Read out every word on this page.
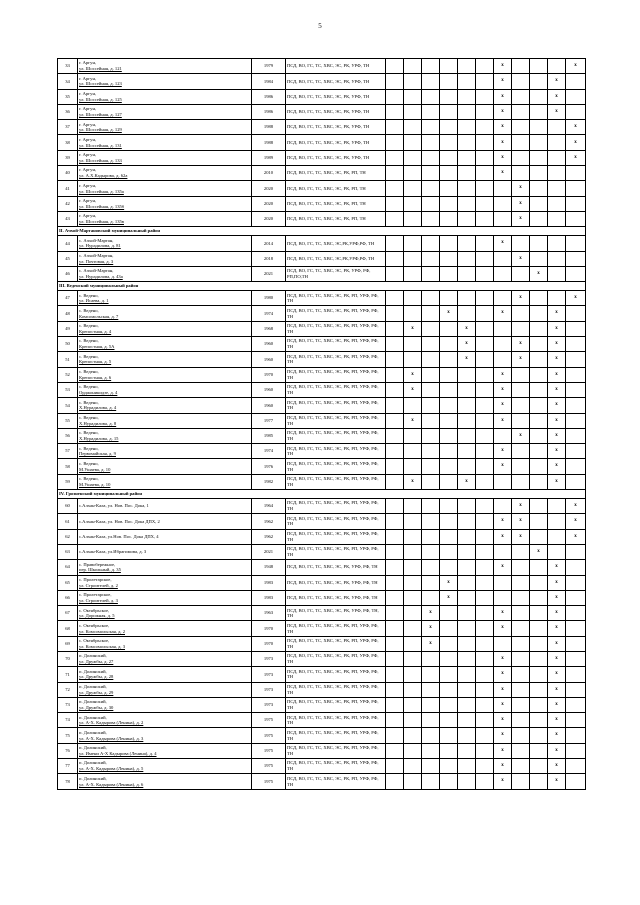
5
33	г. Аргун,
ул. Шоссейная, д. 121	1979	ПСД, ВО, ГС, ТС, ХВС, ЭС, РК, УРФ, ТН							x				x
34	г. Аргун,
ул. Шоссейная, д. 123	1984	ПСД, ВО, ГС, ТС, ХВС, ЭС, РК, УРФ, ТН							x			x	
35	г. Аргун,
ул. Шоссейная, д. 125	1986	ПСД, ВО, ГС, ТС, ХВС, ЭС, РК, УРФ, ТН							x			x	
36	г. Аргун,
ул. Шоссейная, д. 127	1986	ПСД, ВО, ГС, ТС, ХВС, ЭС, РК, УРФ, ТН							x			x	
37	г. Аргун,
ул. Шоссейная, д. 129	1988	ПСД, ВО, ГС, ТС, ХВС, ЭС, РК, УРФ, ТН							x				x
38	г. Аргун,
ул. Шоссейная, д. 131	1988	ПСД, ВО, ГС, ТС, ХВС, ЭС, РК, УРФ, ТН							x				x
39	г. Аргун,
ул. Шоссейная, д. 133	1989	ПСД, ВО, ГС, ТС, ХВС, ЭС, РК, УРФ, ТН							x				x
40	г. Аргун,
ул. А.Х.Кадырова, д. 62а	2010	ПСД, ВО, ГС, ТС, ХВС, ЭС, РК, РП, ТН							x				
41	г. Аргун,
ул. Шоссейная, д. 135а	2020	ПСД, ВО, ГС, ТС, ХВС, ЭС, РК, РП, ТН								x			
42	г. Аргун,
ул. Шоссейная, д. 135б	2020	ПСД, ВО, ГС, ТС, ХВС, ЭС, РК, РП, ТН								x			
43	г. Аргун,
ул. Шоссейная, д. 135в	2020	ПСД, ВО, ГС, ТС, ХВС, ЭС, РК, РП, ТН								x			
II. Ачхой-Мартановский муниципальный район														
44	с. Ачхой-Мартан,
ул. Нурадилова, д. 81	2014	ПСД, ВО, ГС, ТС, ХВС, ЭС,РК,УРФ,РФ, ТН							x				
45	с. Ачхой-Мартан,
ул. Почтовая, д. 3	2018	ПСД, ВО, ГС, ТС, ХВС, ЭС,РК,УРФ,РФ, ТН								x			
46	с. Ачхой-Мартан,
ул. Нурадилова, д. 43а	2021	ПСД, ВО, ГС, ТС, ХВС, ЭС, РК, УРФ, РФ, РП,ПО,ТН									x		
III. Веденский муниципальный район														
47	с. Ведено,
ул. Исаева, д. 1	1980	ПСД, ВО, ГС, ТС, ХВС, ЭС, РК, РП, УРФ, РФ, ТН								x			x
48	с. Ведено,
Комсомольская, д. 7	1974	ПСД, ВО, ГС, ТС, ХВС, ЭС, РК, РП, УРФ, РФ, ТН				x			x			x	
49	с. Ведено,
Крепостная, д. 4	1968	ПСД, ВО, ГС, ТС, ХВС, ЭС, РК, РП, УРФ, РФ, ТН		x			x					x	
50	с. Ведено,
Крепостная, д. 5А	1960	ПСД, ВО, ГС, ТС, ХВС, ЭС, РК, РП, УРФ, РФ, ТН					x			x		x	
51	с. Ведено,
Крепостная, д. 5	1960	ПСД, ВО, ГС, ТС, ХВС, ЭС, РК, РП, УРФ, РФ, ТН					x			x		x	
52	с. Ведено,
Крепостная, д. 6	1970	ПСД, ВО, ГС, ТС, ХВС, ЭС, РК, РП, УРФ, РФ, ТН		x					x			x	
53	с. Ведено,
Орджоникидзе, д. 4	1960	ПСД, ВО, ГС, ТС, ХВС, ЭС, РК, РП, УРФ, РФ, ТН		x					x			x	
54	с. Ведено,
Х.Нурадилова, д. 4	1960	ПСД, ВО, ГС, ТС, ХВС, ЭС, РК, РП, УРФ, РФ, ТН							x			x	
55	с. Ведено,
Х.Нурадилова, д. 8	1977	ПСД, ВО, ГС, ТС, ХВС, ЭС, РК, РП, УРФ, РФ, ТН		x					x			x	
56	с. Ведено,
Х.Нурадилова, д. 15	1985	ПСД, ВО, ГС, ТС, ХВС, ЭС, РК, РП, УРФ, РФ, ТН								x		x	
57	с. Ведено,
Первомайская, д. 9	1974	ПСД, ВО, ГС, ТС, ХВС, ЭС, РК, РП, УРФ, РФ, ТН							x			x	
58	с. Ведено,
М.Ушаева, д. 10	1976	ПСД, ВО, ГС, ТС, ХВС, ЭС, РК, РП, УРФ, РФ, ТН							x			x	
59	с. Ведено,
М.Ушаева, д. 10	1982	ПСД, ВО, ГС, ТС, ХВС, ЭС, РК, РП, УРФ, РФ, ТН		x			x					x	
IV. Грозненский муниципальный район														
60	с.Алхан-Кала, ул. Нов. Пос. Дока, 1	1964	ПСД, ВО, ГС, ТС, ХВС, ЭС, РК, РП, УРФ, РФ, ТН								x			x
61	с.Алхан-Кала, ул. Нов. Пос. Дока ДПХ, 2	1962	ПСД, ВО, ГС, ТС, ХВС, ЭС, РК, РП, УРФ, РФ, ТН							x	x			x
62	с.Алхан-Кала, ул.Нов. Пос. Дока ДПХ, 4	1962	ПСД, ВО, ГС, ТС, ХВС, ЭС, РК, РП, УРФ, РФ, ТН							x	x			x
63	с.Алхан-Кала, ул.Ибрагимова, д. 3	2021	ПСД, ВО, ГС, ТС, ХВС, ЭС, РК, РП, УРФ, РФ, ТН									x		
64	с. Правобережное,
пер. Школьный, д. 35	1948	ПСД, ВО, ГС, ТС, ХВС, ЭС, РК, УРФ, РФ, ТН							x			x	
65	с. Пролетарское,
ул. Строителей, д. 2	1983	ПСД, ВО, ГС, ТС, ХВС, ЭС, РК, УРФ, РФ, ТН				x						x	
66	с. Пролетарское,
ул. Строителей, д. 3	1983	ПСД, ВО, ГС, ТС, ХВС, ЭС, РК, УРФ, РФ, ТН				x						x	
67	с. Октябрьское,
ул. Дорожная, д. 5	1963	ПСД, ВО, ГС, ТС, ХВС, ЭС, РК, УРФ, РФ, ТН, ТН			x				x			x	
68	с. Октябрьское,
ул. Комсомольская, д. 2	1970	ПСД, ВО, ГС, ТС, ХВС, ЭС, РК, РП, УРФ, РФ, ТН			x				x			x	
69	с. Октябрьское,
ул. Комсомольская, д. 3	1970	ПСД, ВО, ГС, ТС, ХВС, ЭС, РК, РП, УРФ, РФ, ТН			x							x	
70	п. Долинский,
ул. Дружбы, д. 27	1973	ПСД, ВО, ГС, ТС, ХВС, ЭС, РК, РП, УРФ, РФ, ТН							x			x	
71	п. Долинский,
ул. Дружбы, д. 28	1973	ПСД, ВО, ГС, ТС, ХВС, ЭС, РК, РП, УРФ, РФ, ТН							x			x	
72	п. Долинский,
ул. Дружбы, д. 29	1973	ПСД, ВО, ГС, ТС, ХВС, ЭС, РК, РП, УРФ, РФ, ТН							x			x	
73	п. Долинский,
ул. Дружбы, д. 30	1973	ПСД, ВО, ГС, ТС, ХВС, ЭС, РК, РП, УРФ, РФ, ТН							x			x	
74	п. Долинский,
ул. А-Х. Кадырова (Ленина), д. 2	1975	ПСД, ВО, ГС, ТС, ХВС, ЭС, РК, РП, УРФ, РФ, ТН							x			x	
75	п. Долинский,
ул. А-Х. Кадырова (Ленина), д. 3	1975	ПСД, ВО, ГС, ТС, ХВС, ЭС, РК, РП, УРФ, РФ, ТН							x			x	
76	п. Долинский,
ул. Имени А-Х Кадырова (Ленина), д. 4	1975	ПСД, ВО, ГС, ТС, ХВС, ЭС, РК, РП, УРФ, РФ, ТН							x			x	
77	п. Долинский,
ул. А-Х. Кадырова (Ленина), д. 5	1975	ПСД, ВО, ГС, ТС, ХВС, ЭС, РК, РП, УРФ, РФ, ТН							x			x	
78	п. Долинский,
ул. А-Х. Кадырова (Ленина), д. 6	1975	ПСД, ВО, ГС, ТС, ХВС, ЭС, РК, РП, УРФ, РФ, ТН							x			x	
